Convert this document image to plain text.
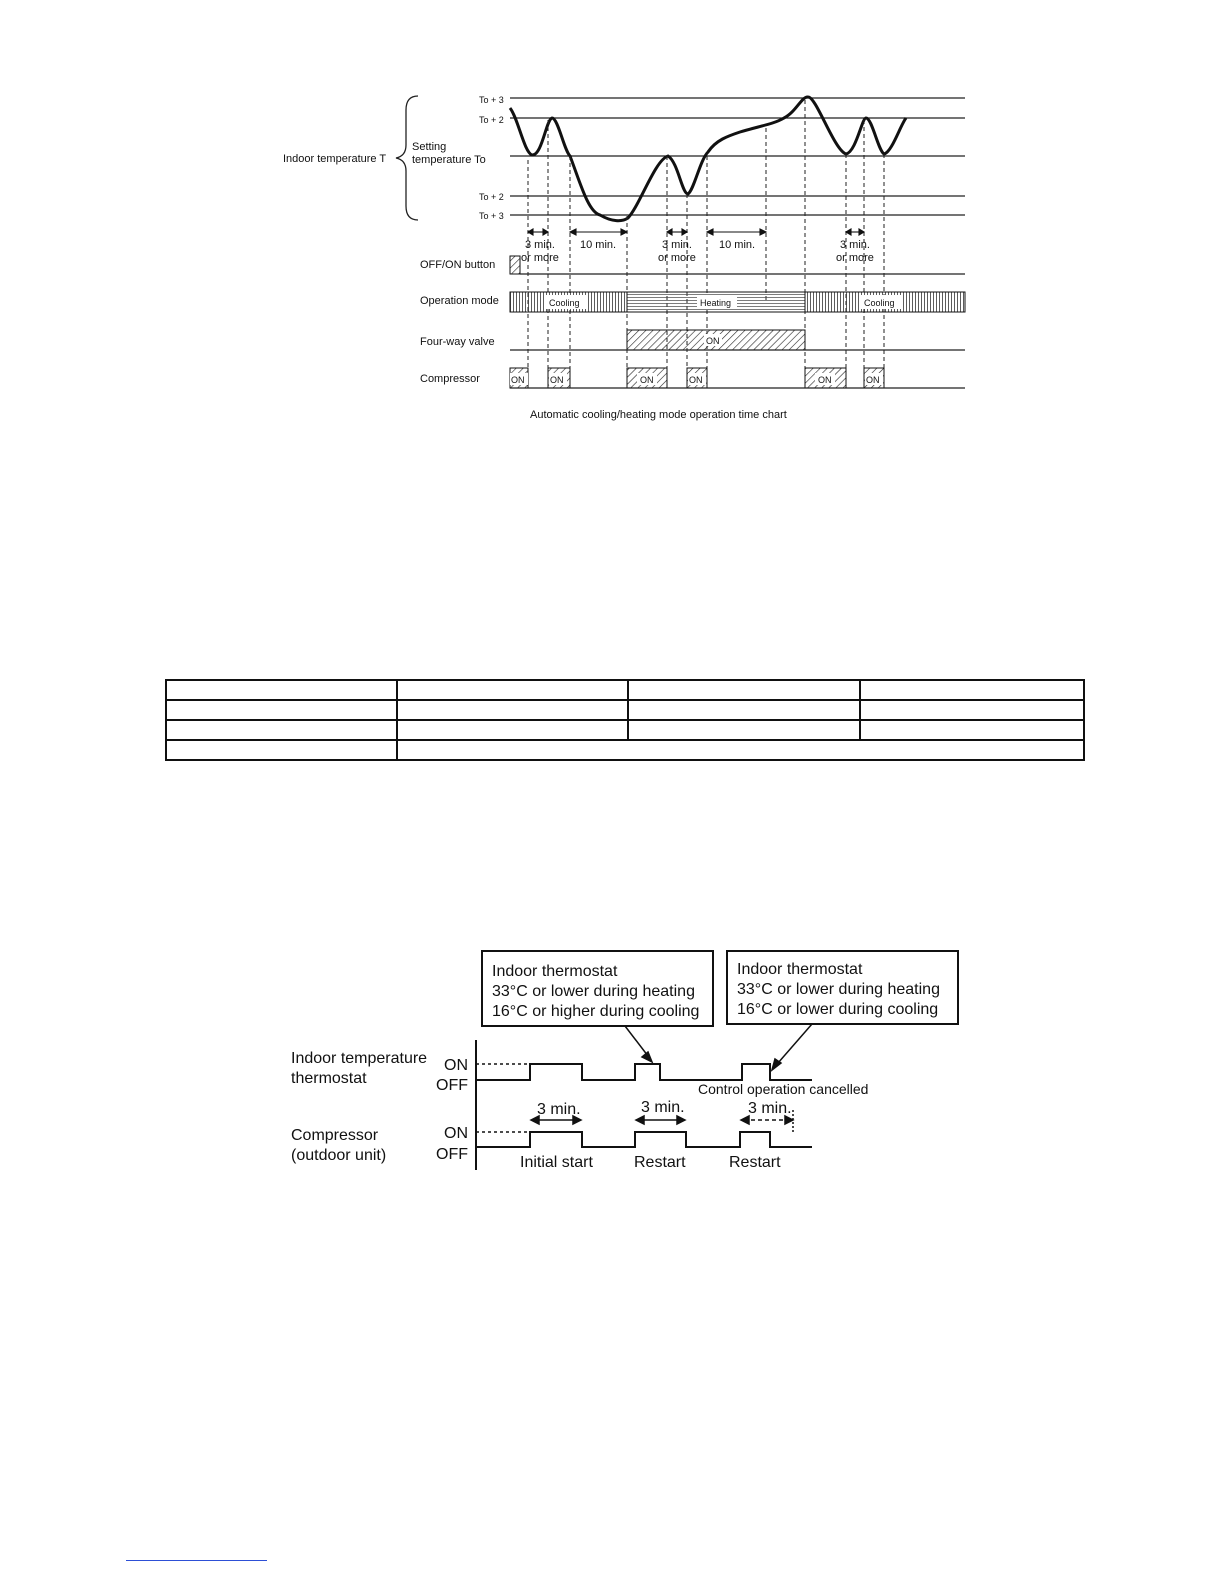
Indoor temperature T
Setting
temperature To
To + 3
To + 2
To + 2
To + 3
3 min.
or more
10 min.	3 min.
or more
10 min.	3 min.
or more
OFF/ON button
Operation mode
Four-way valve
Compressor
Cooling	Heating	Cooling
ON
ON	ON	ON	ON	ON	ON
Automatic cooling/heating mode operation time chart

Indoor thermostat
33°C or lower during heating
16°C or higher during cooling
Indoor thermostat
33°C or lower during heating
16°C or lower during cooling
Indoor temperature
thermostat
Compressor
(outdoor unit)
ON
OFF
ON
OFF
Control operation cancelled
3 min.	3 min.	3 min.
Initial start	Restart	Restart
